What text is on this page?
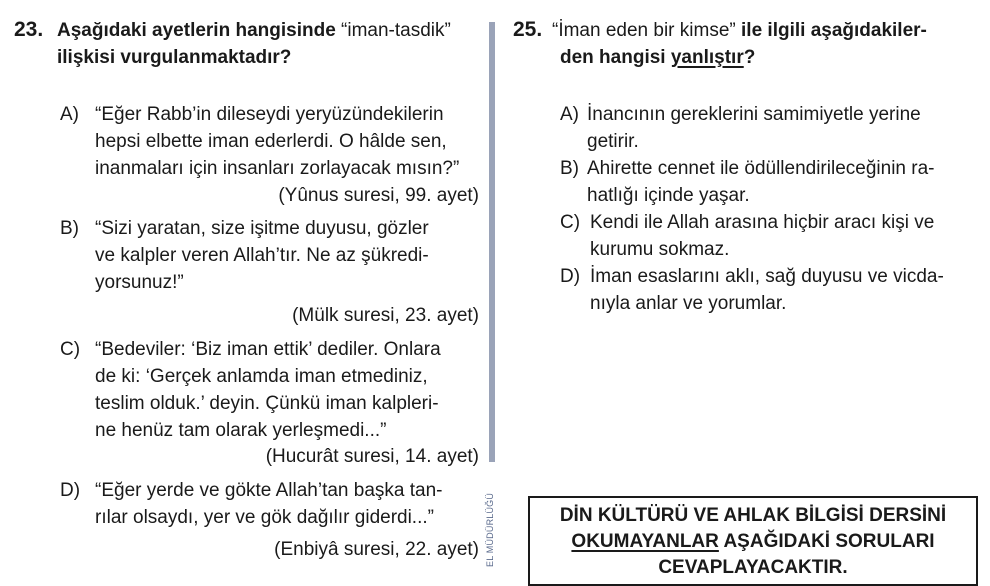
23. Aşağıdaki ayetlerin hangisinde “iman-tasdik”
ilişkisi vurgulanmaktadır?
A) “Eğer Rabb’in dileseydi yeryüzündekilerin
hepsi elbette iman ederlerdi. O hâlde sen,
inanmaları için insanları zorlayacak mısın?”
(Yûnus suresi, 99. ayet)
B) “Sizi yaratan, size işitme duyusu, gözler
ve kalpler veren Allah’tır. Ne az şükredi-
yorsunuz!”
(Mülk suresi, 23. ayet)
C) “Bedeviler: ‘Biz iman ettik’ dediler. Onlara
de ki: ‘Gerçek anlamda iman etmediniz,
teslim olduk.’ deyin. Çünkü iman kalpleri-
ne henüz tam olarak yerleşmedi...”
(Hucurât suresi, 14. ayet)
D) “Eğer yerde ve gökte Allah’tan başka tan-
rılar olsaydı, yer ve gök dağılır giderdi...”
(Enbiyâ suresi, 22. ayet) EL MÜDÜRLÜĞÜ
25. “İman eden bir kimse” ile ilgili aşağıdakiler-
den hangisi yanlıştır?
A) İnancının gereklerini samimiyetle yerine
getirir.
B) Ahirette cennet ile ödüllendirileceğinin ra-
hatlığı içinde yaşar.
C) Kendi ile Allah arasına hiçbir aracı kişi ve
kurumu sokmaz.
D) İman esaslarını aklı, sağ duyusu ve vicda-
nıyla anlar ve yorumlar.
DİN KÜLTÜRÜ VE AHLAK BİLGİSİ DERSİNİ
OKUMAYANLAR AŞAĞIDAKİ SORULARI
CEVAPLAYACAKTIR.
